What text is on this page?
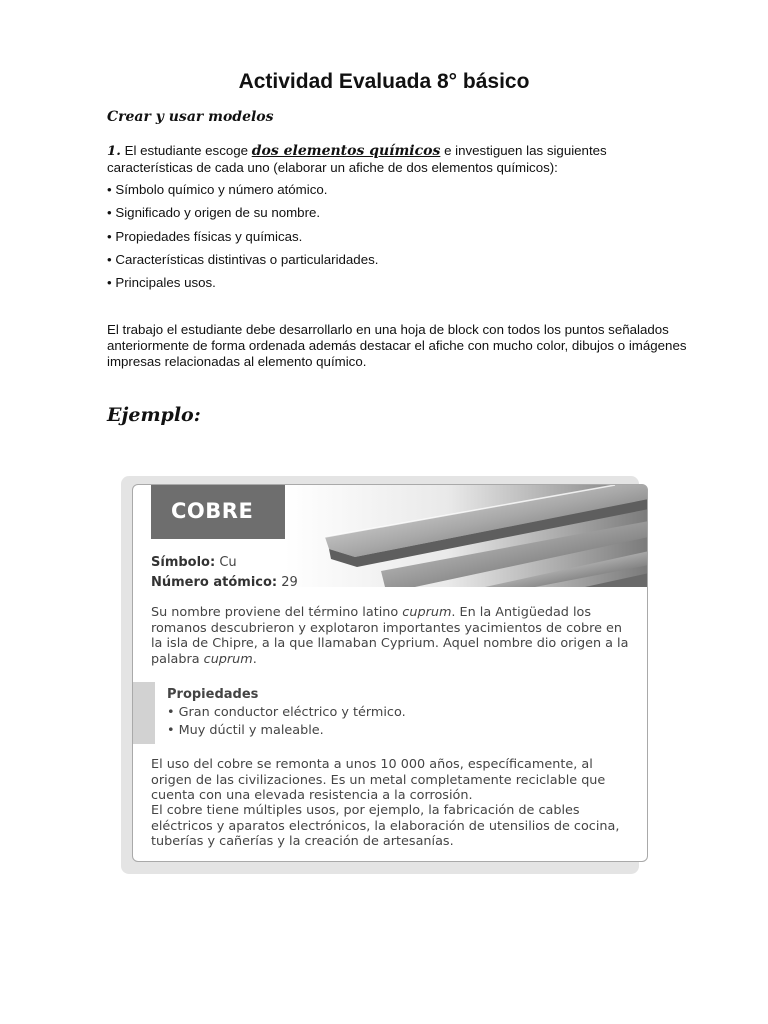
Actividad Evaluada 8° básico
Crear y usar modelos
1. El estudiante escoge dos elementos químicos e investiguen las siguientes características de cada uno (elaborar un afiche de dos elementos químicos):
• Símbolo químico y número atómico.
• Significado y origen de su nombre.
• Propiedades físicas y químicas.
• Características distintivas o particularidades.
• Principales usos.
El trabajo el estudiante debe desarrollarlo en una hoja de block con todos los puntos señalados anteriormente de forma ordenada además destacar el afiche con mucho color, dibujos o imágenes impresas relacionadas al elemento químico.
Ejemplo:
COBRE
Símbolo: Cu
Número atómico: 29
Su nombre proviene del término latino cuprum. En la Antigüedad los romanos descubrieron y explotaron importantes yacimientos de cobre en la isla de Chipre, a la que llamaban Cyprium. Aquel nombre dio origen a la palabra cuprum.
Propiedades
• Gran conductor eléctrico y térmico.
• Muy dúctil y maleable.
El uso del cobre se remonta a unos 10 000 años, específicamente, al origen de las civilizaciones. Es un metal completamente reciclable que cuenta con una elevada resistencia a la corrosión.
El cobre tiene múltiples usos, por ejemplo, la fabricación de cables eléctricos y aparatos electrónicos, la elaboración de utensilios de cocina, tuberías y cañerías y la creación de artesanías.
